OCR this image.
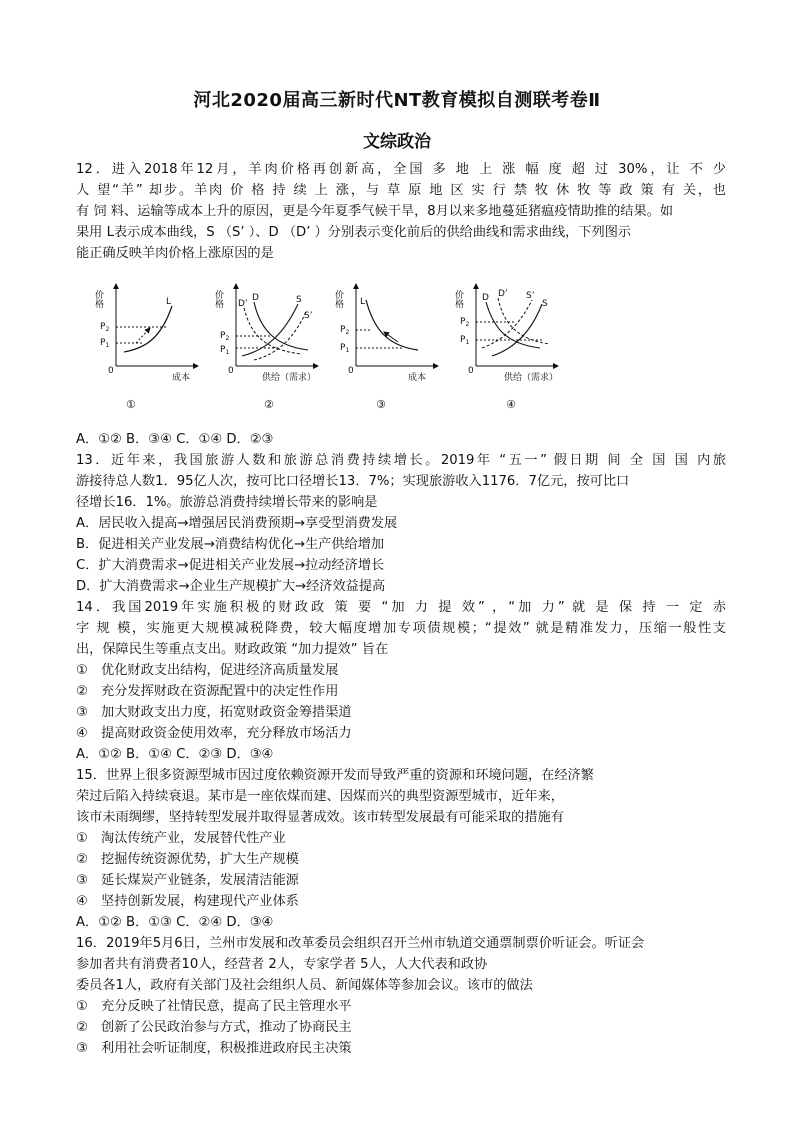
河北2020届高三新时代NT教育模拟自测联考卷Ⅱ
文综政治
12．进入2018年12月，羊肉价格再创新高，全国 多 地 上 涨 幅 度 超 过 30%，让 不 少
人 望“羊” 却步。羊肉 价 格 持 续 上 涨，与 草 原 地 区 实 行 禁 牧 休 牧 等 政 策 有 关，也
有 饲 料、运输等成本上升的原因，更是今年夏季气候干旱，8月以来多地蔓延猪瘟疫情助推的结果。如
果用 L表示成本曲线，S （S’ ）、D （D’ ）分别表示变化前后的供给曲线和需求曲线，下列图示
能正确反映羊肉价格上涨原因的是
价格
0
成本
L
$P_2$
$P_1$
①
价格
0
供给（需求）
D’
D	S
S’
$P_2$
$P_1$
②
价格
0
成本
L
$P_2$
$P_1$
③
价格
0
供给（需求）
D D’ S’
S
$P_2$
$P_1$
④
A．①② B．③④ C．①④ D．②③
13．近年来，我国旅游人数和旅游总消费持续增长。2019年 “五一” 假日期 间 全 国 国 内旅
游接待总人数1．95亿人次，按可比口径增长13．7%；实现旅游收入1176．7亿元，按可比口
径增长16．1%。旅游总消费持续增长带来的影响是
A．居民收入提高→增强居民消费预期→享受型消费发展
B．促进相关产业发展→消费结构优化→生产供给增加
C．扩大消费需求→促进相关产业发展→拉动经济增长
D．扩大消费需求→企业生产规模扩大→经济效益提高
14．我国2019年实施积极的财政政 策 要 “加 力 提 效” ，“加 力” 就 是 保 持 一 定 赤
字 规 模，实施更大规模减税降费，较大幅度增加专项债规模；“提效” 就是精准发力，压缩一般性支
出，保障民生等重点支出。财政政策 “加力提效” 旨在
①　优化财政支出结构，促进经济高质量发展
②　充分发挥财政在资源配置中的决定性作用
③　加大财政支出力度，拓宽财政资金筹措渠道
④　提高财政资金使用效率，充分释放市场活力
A．①② B．①④ C．②③ D．③④
15．世界上很多资源型城市因过度依赖资源开发而导致严重的资源和环境问题，在经济繁
荣过后陷入持续衰退。某市是一座依煤而建、因煤而兴的典型资源型城市，近年来，
该市未雨绸缪，坚持转型发展并取得显著成效。该市转型发展最有可能采取的措施有
①　淘汰传统产业，发展替代性产业
②　挖掘传统资源优势，扩大生产规模
③　延长煤炭产业链条，发展清洁能源
④　坚持创新发展，构建现代产业体系
A．①② B．①③ C．②④ D．③④
16．2019年5月6日，兰州市发展和改革委员会组织召开兰州市轨道交通票制票价听证会。听证会
参加者共有消费者10人，经营者 2人，专家学者 5人，人大代表和政协
委员各1人，政府有关部门及社会组织人员、新闻媒体等参加会议。该市的做法
①　充分反映了社情民意，提高了民主管理水平
②　创新了公民政治参与方式，推动了协商民主
③　利用社会听证制度，积极推进政府民主决策
